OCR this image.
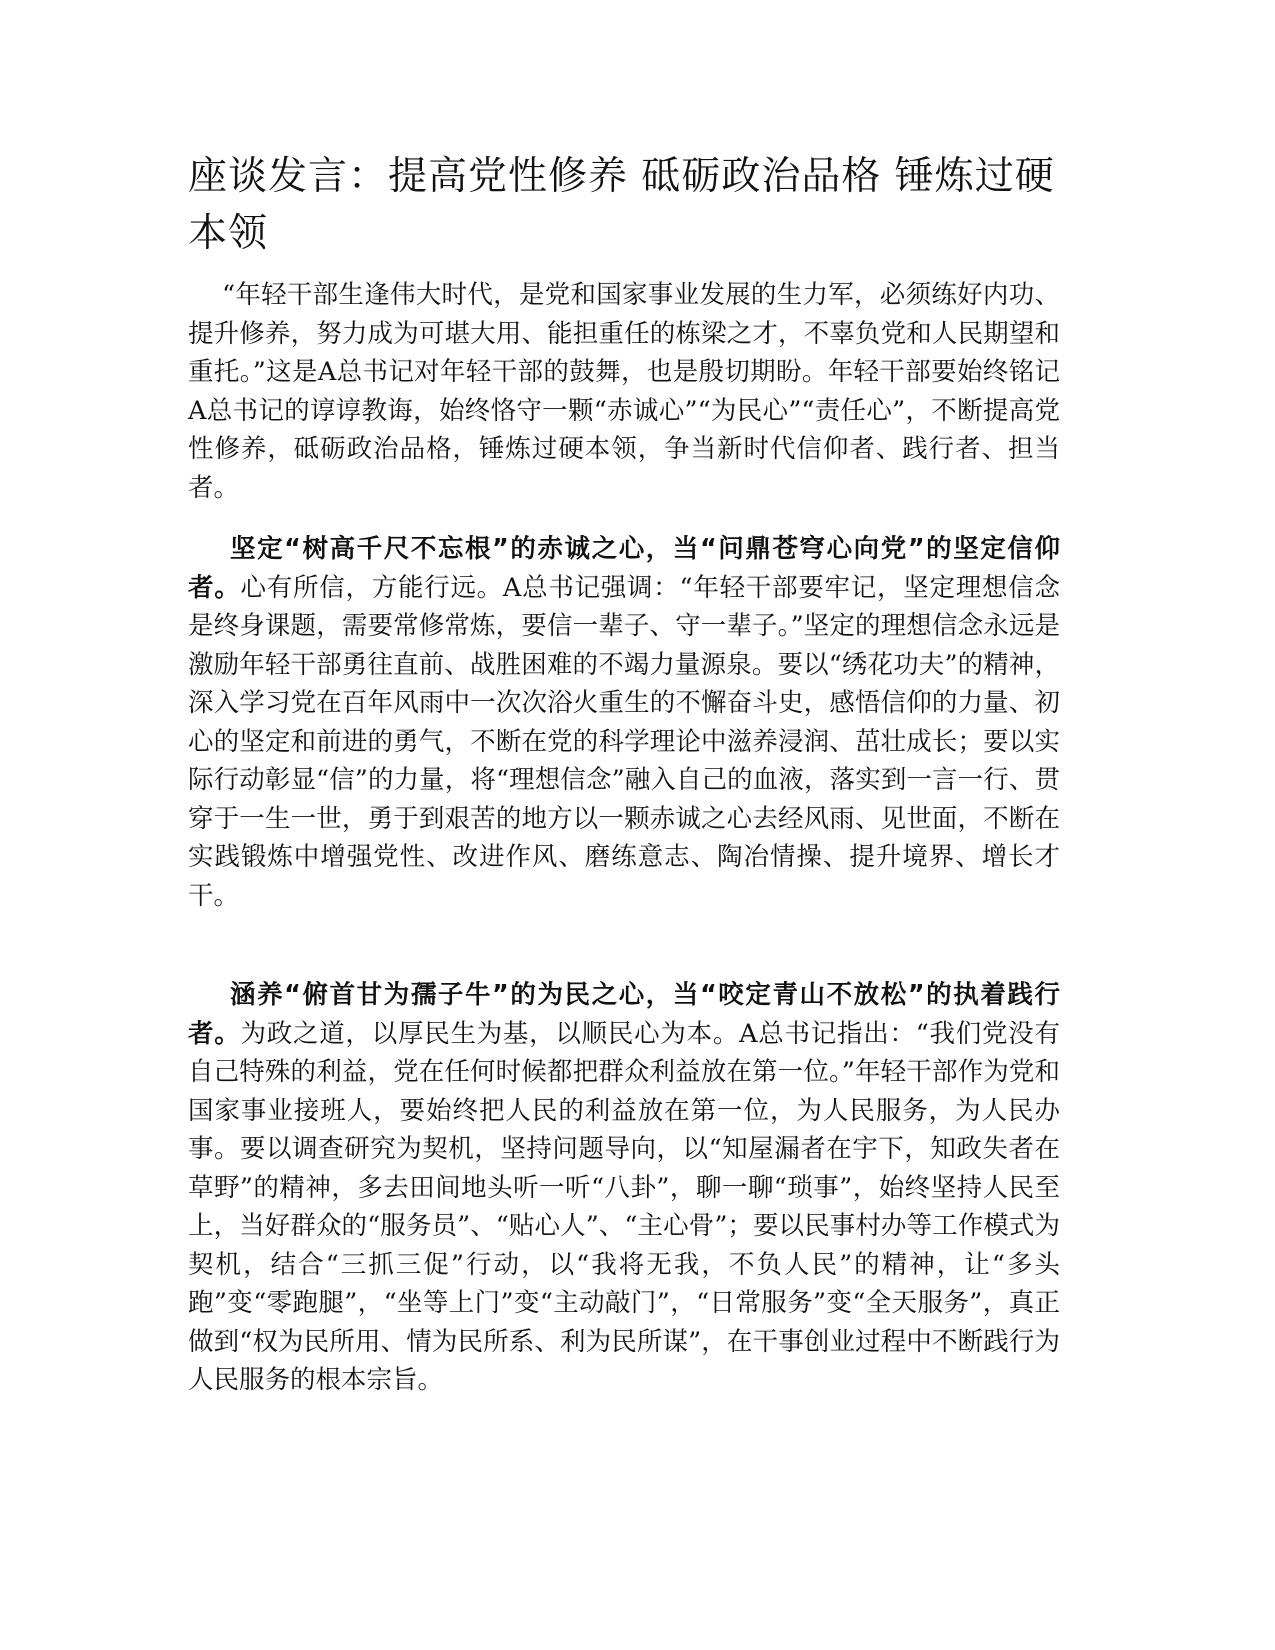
座谈发言：提高党性修养 砥砺政治品格 锤炼过硬本领

“年轻干部生逢伟大时代，是党和国家事业发展的生力军，必须练好内功、提升修养，努力成为可堪大用、能担重任的栋梁之才，不辜负党和人民期望和重托。”这是A总书记对年轻干部的鼓舞，也是殷切期盼。年轻干部要始终铭记A总书记的谆谆教诲，始终恪守一颗“赤诚心”“为民心”“责任心”，不断提高党性修养，砥砺政治品格，锤炼过硬本领，争当新时代信仰者、践行者、担当者。

坚定“树高千尺不忘根”的赤诚之心，当“问鼎苍穹心向党”的坚定信仰者。心有所信，方能行远。A总书记强调：“年轻干部要牢记，坚定理想信念是终身课题，需要常修常炼，要信一辈子、守一辈子。”坚定的理想信念永远是激励年轻干部勇往直前、战胜困难的不竭力量源泉。要以“绣花功夫”的精神，深入学习党在百年风雨中一次次浴火重生的不懈奋斗史，感悟信仰的力量、初心的坚定和前进的勇气，不断在党的科学理论中滋养浸润、茁壮成长；要以实际行动彰显“信”的力量，将“理想信念”融入自己的血液，落实到一言一行、贯穿于一生一世，勇于到艰苦的地方以一颗赤诚之心去经风雨、见世面，不断在实践锻炼中增强党性、改进作风、磨练意志、陶冶情操、提升境界、增长才干。

涵养“俯首甘为孺子牛”的为民之心，当“咬定青山不放松”的执着践行者。为政之道，以厚民生为基，以顺民心为本。A总书记指出：“我们党没有自己特殊的利益，党在任何时候都把群众利益放在第一位。”年轻干部作为党和国家事业接班人，要始终把人民的利益放在第一位，为人民服务，为人民办事。要以调查研究为契机，坚持问题导向，以“知屋漏者在宇下，知政失者在草野”的精神，多去田间地头听一听“八卦”，聊一聊“琐事”，始终坚持人民至上，当好群众的“服务员”、“贴心人”、“主心骨”；要以民事村办等工作模式为契机，结合“三抓三促”行动，以“我将无我，不负人民”的精神，让“多头跑”变“零跑腿”，“坐等上门”变“主动敲门”，“日常服务”变“全天服务”，真正做到“权为民所用、情为民所系、利为民所谋”，在干事创业过程中不断践行为人民服务的根本宗旨。
